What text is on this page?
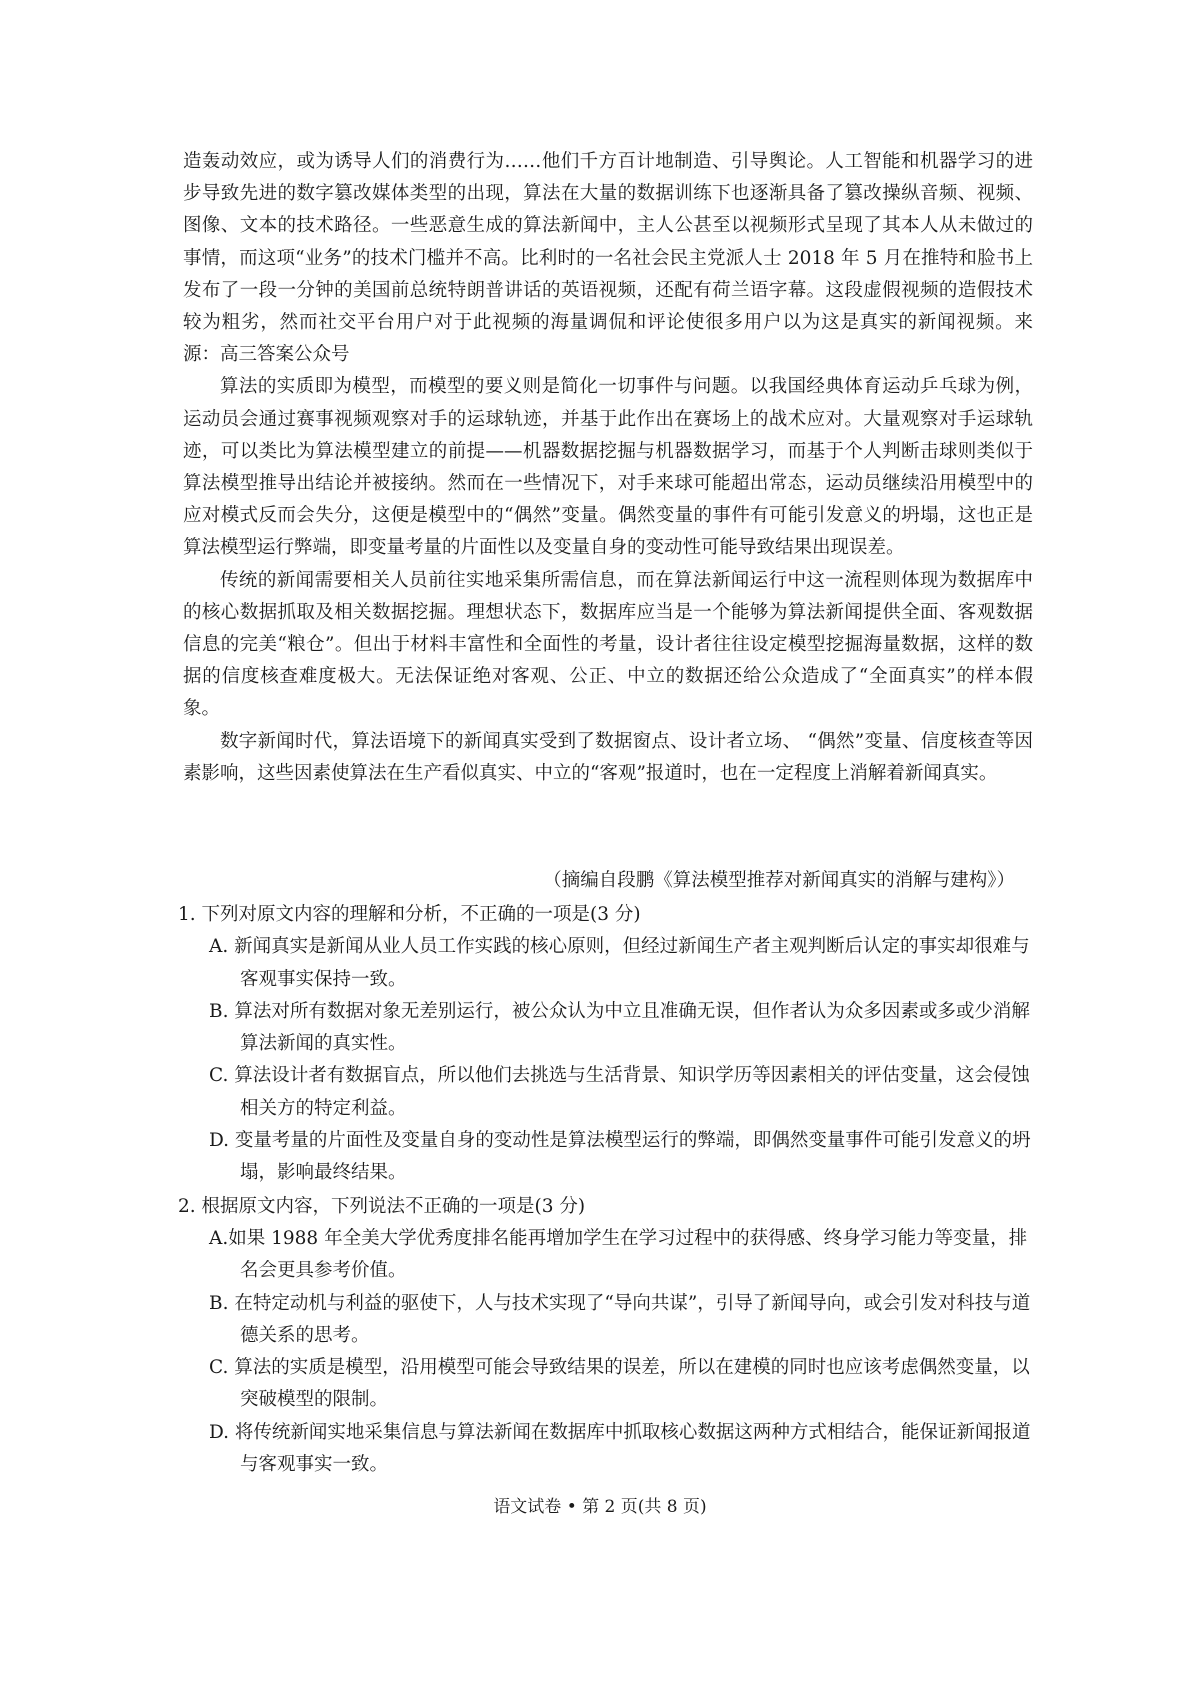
造轰动效应，或为诱导人们的消费行为……他们千方百计地制造、引导舆论。人工智能和机器学习的进步导致先进的数字篡改媒体类型的出现，算法在大量的数据训练下也逐渐具备了篡改操纵音频、视频、图像、文本的技术路径。一些恶意生成的算法新闻中，主人公甚至以视频形式呈现了其本人从未做过的事情，而这项“业务”的技术门槛并不高。比利时的一名社会民主党派人士 2018 年 5 月在推特和脸书上发布了一段一分钟的美国前总统特朗普讲话的英语视频，还配有荷兰语字幕。这段虚假视频的造假技术较为粗劣，然而社交平台用户对于此视频的海量调侃和评论使很多用户以为这是真实的新闻视频。来源：高三答案公众号

算法的实质即为模型，而模型的要义则是简化一切事件与问题。以我国经典体育运动乒乓球为例，运动员会通过赛事视频观察对手的运球轨迹，并基于此作出在赛场上的战术应对。大量观察对手运球轨迹，可以类比为算法模型建立的前提——机器数据挖掘与机器数据学习，而基于个人判断击球则类似于算法模型推导出结论并被接纳。然而在一些情况下，对手来球可能超出常态，运动员继续沿用模型中的应对模式反而会失分，这便是模型中的“偶然”变量。偶然变量的事件有可能引发意义的坍塌，这也正是算法模型运行弊端，即变量考量的片面性以及变量自身的变动性可能导致结果出现误差。

传统的新闻需要相关人员前往实地采集所需信息，而在算法新闻运行中这一流程则体现为数据库中的核心数据抓取及相关数据挖掘。理想状态下，数据库应当是一个能够为算法新闻提供全面、客观数据信息的完美“粮仓”。但出于材料丰富性和全面性的考量，设计者往往设定模型挖掘海量数据，这样的数据的信度核查难度极大。无法保证绝对客观、公正、中立的数据还给公众造成了“全面真实”的样本假象。

数字新闻时代，算法语境下的新闻真实受到了数据窗点、设计者立场、 “偶然”变量、信度核查等因素影响，这些因素使算法在生产看似真实、中立的“客观”报道时，也在一定程度上消解着新闻真实。

（摘编自段鹏《算法模型推荐对新闻真实的消解与建构》）
1. 下列对原文内容的理解和分析，不正确的一项是(3 分)
A. 新闻真实是新闻从业人员工作实践的核心原则，但经过新闻生产者主观判断后认定的事实却很难与客观事实保持一致。
B. 算法对所有数据对象无差别运行，被公众认为中立且准确无误，但作者认为众多因素或多或少消解算法新闻的真实性。
C. 算法设计者有数据盲点，所以他们去挑选与生活背景、知识学历等因素相关的评估变量，这会侵蚀相关方的特定利益。
D. 变量考量的片面性及变量自身的变动性是算法模型运行的弊端，即偶然变量事件可能引发意义的坍塌，影响最终结果。
2. 根据原文内容，下列说法不正确的一项是(3 分)
A.如果 1988 年全美大学优秀度排名能再增加学生在学习过程中的获得感、终身学习能力等变量，排名会更具参考价值。
B. 在特定动机与利益的驱使下，人与技术实现了“导向共谋”，引导了新闻导向，或会引发对科技与道德关系的思考。
C. 算法的实质是模型，沿用模型可能会导致结果的误差，所以在建模的同时也应该考虑偶然变量，以突破模型的限制。
D. 将传统新闻实地采集信息与算法新闻在数据库中抓取核心数据这两种方式相结合，能保证新闻报道与客观事实一致。
语文试卷 • 第 2 页(共 8 页)
